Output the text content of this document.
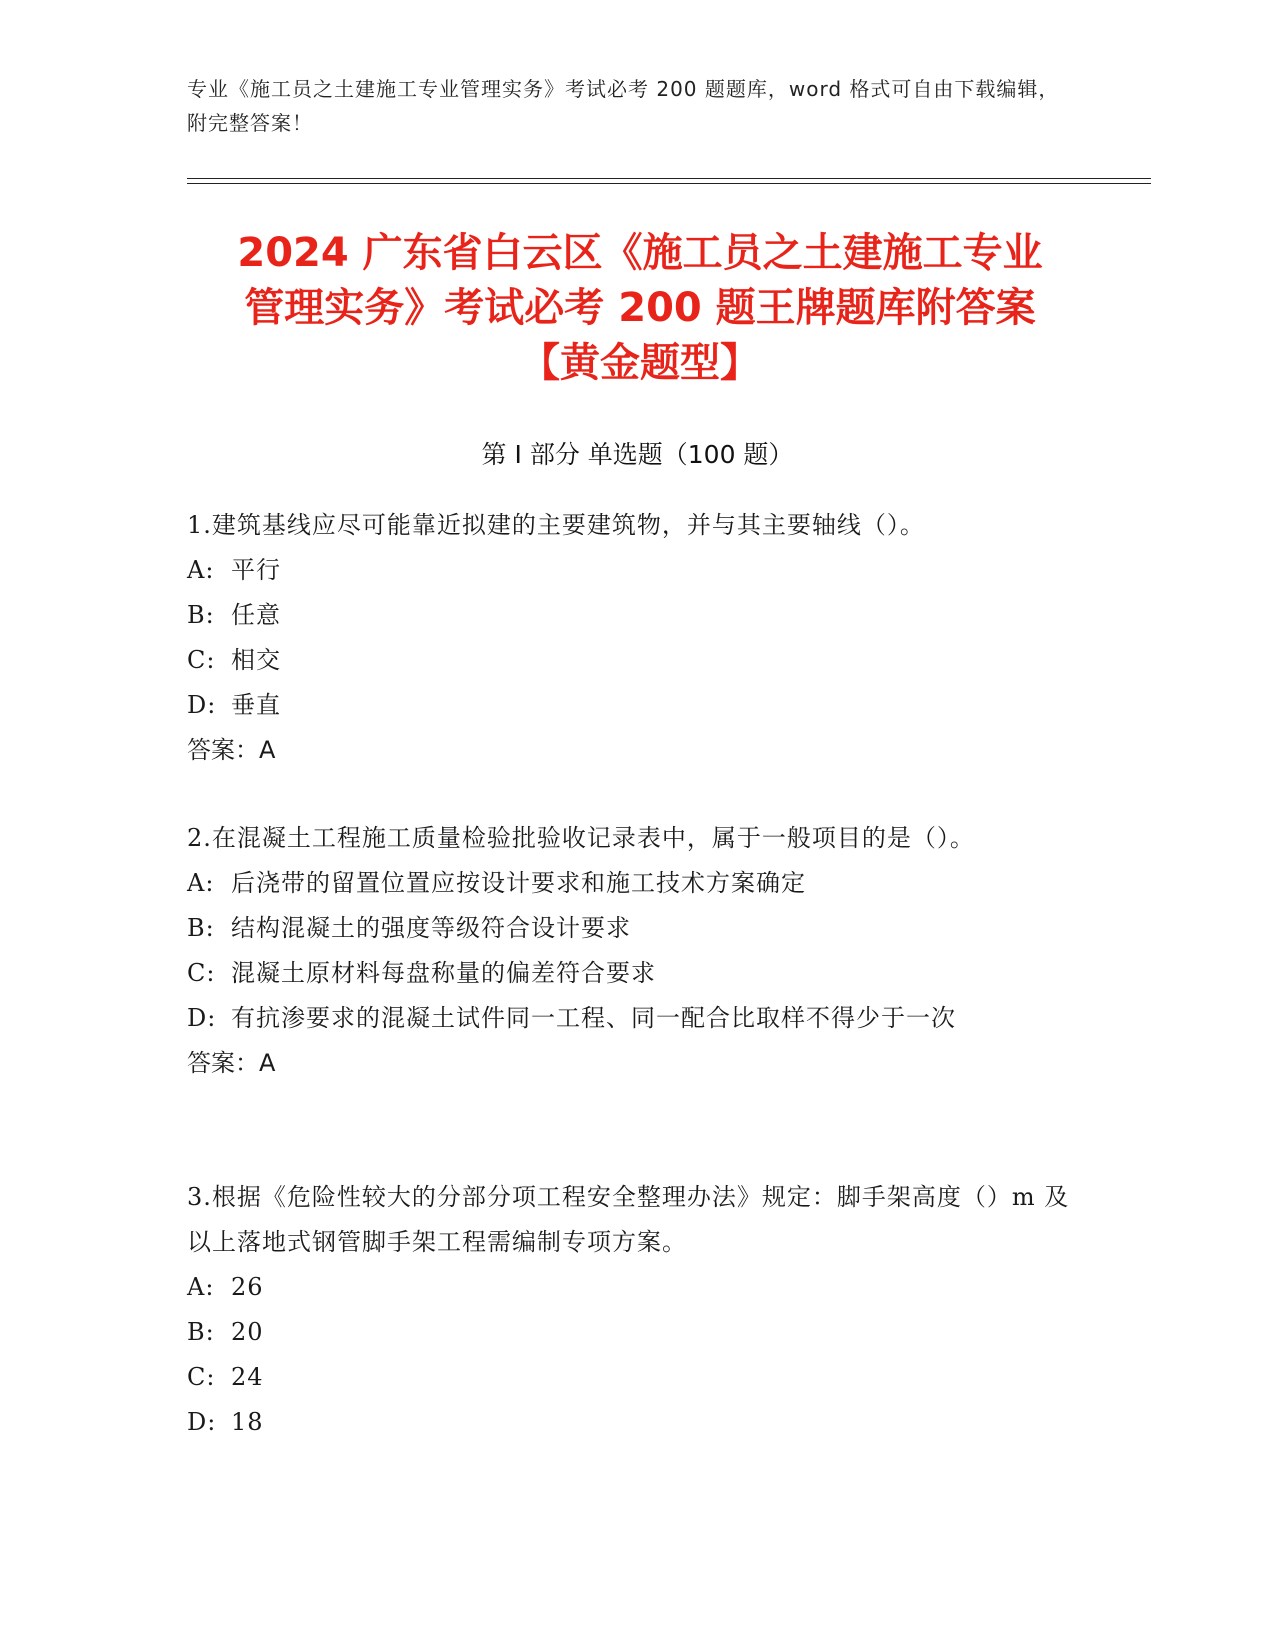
专业《施工员之土建施工专业管理实务》考试必考 200 题题库，word 格式可自由下载编辑，附完整答案！
2024 广东省白云区《施工员之土建施工专业
管理实务》考试必考 200 题王牌题库附答案
【黄金题型】
第 I 部分 单选题（100 题）
1.建筑基线应尽可能靠近拟建的主要建筑物，并与其主要轴线（）。
A: 平行
B: 任意
C: 相交
D: 垂直
答案：A
2.在混凝土工程施工质量检验批验收记录表中，属于一般项目的是（）。
A: 后浇带的留置位置应按设计要求和施工技术方案确定
B: 结构混凝土的强度等级符合设计要求
C: 混凝土原材料每盘称量的偏差符合要求
D: 有抗渗要求的混凝土试件同一工程、同一配合比取样不得少于一次
答案：A
3.根据《危险性较大的分部分项工程安全整理办法》规定：脚手架高度（）m 及以上落地式钢管脚手架工程需编制专项方案。
A: 26
B: 20
C: 24
D: 18
